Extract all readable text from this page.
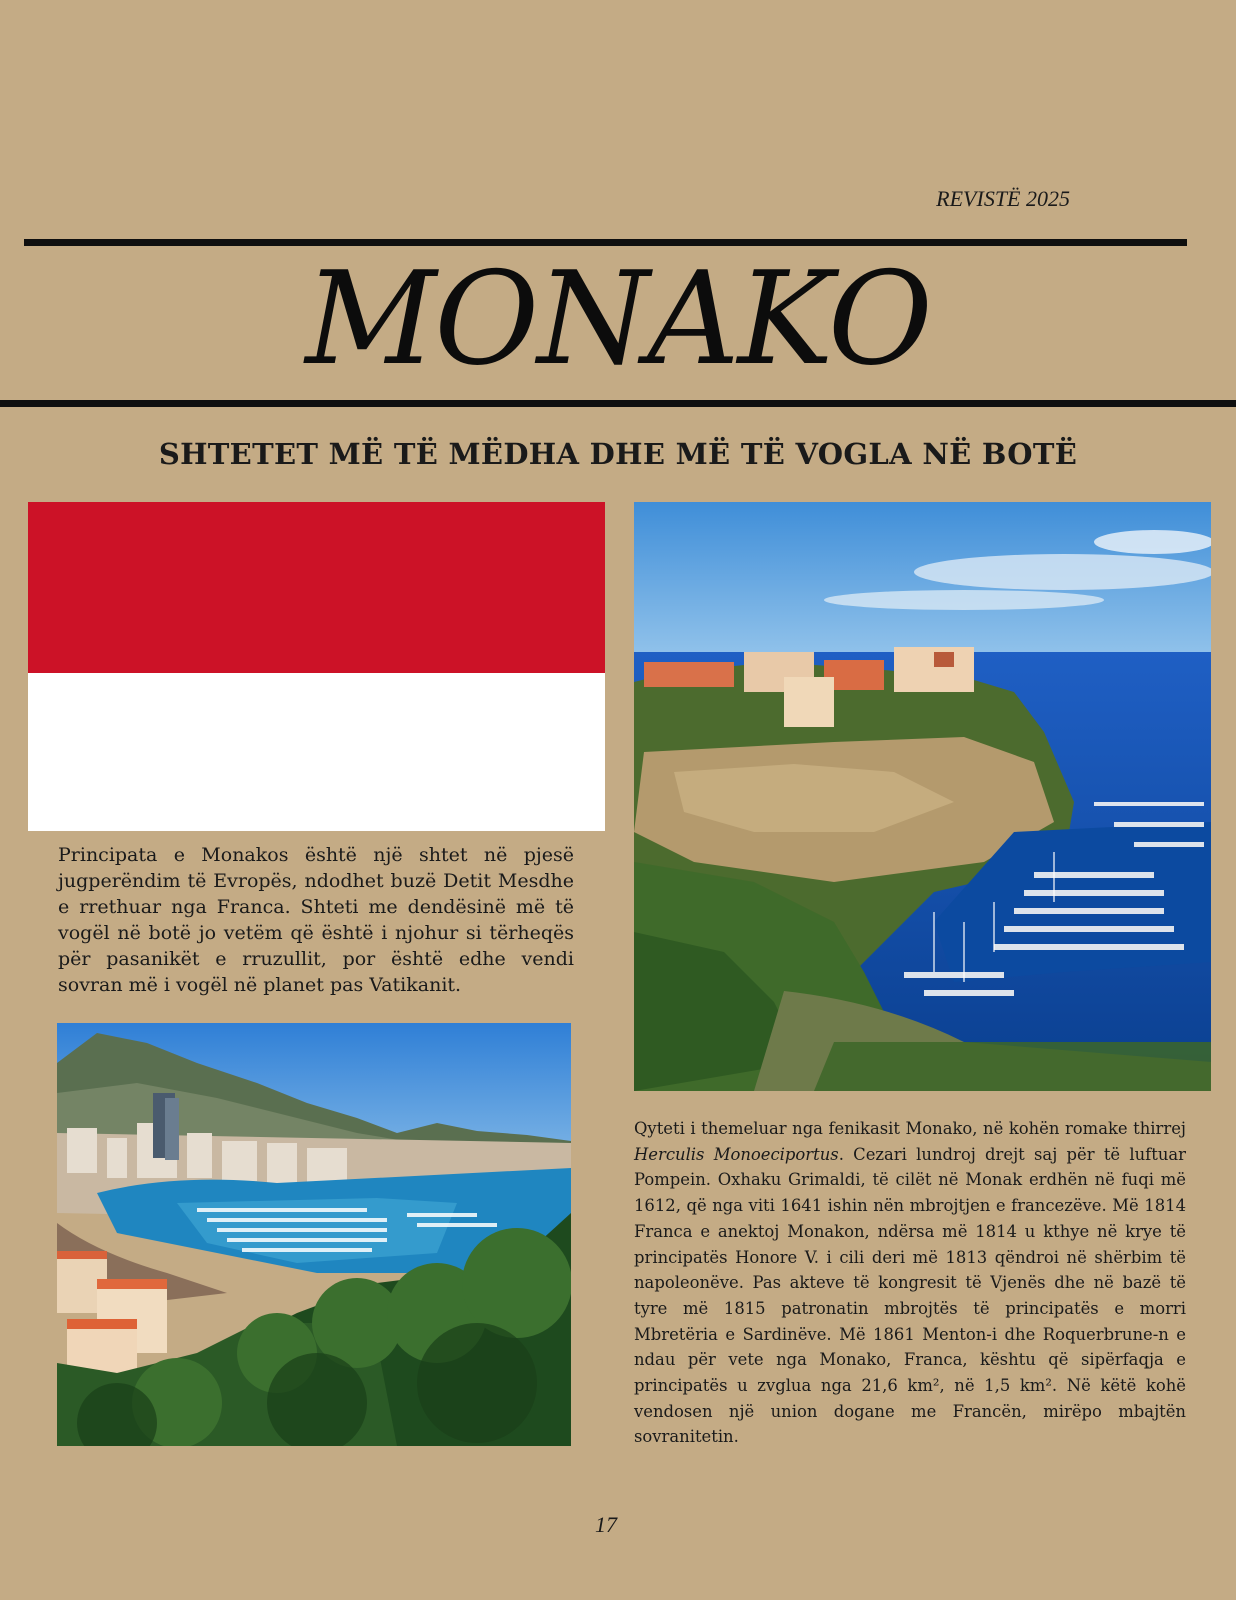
REVISTË 2025
MONAKO
SHTETET MË TË MËDHA DHE MË TË VOGLA NË BOTË

Principata e Monakos është një shtet në pjesë jugperëndim të Evropës, ndodhet buzë Detit Mesdhe e rrethuar nga Franca. Shteti me dendësinë më të vogël në botë jo vetëm që është i njohur si tërheqës për pasanikët e rruzullit, por është edhe vendi sovran më i vogël në planet pas Vatikanit.

Qyteti i themeluar nga fenikasit Monako, në kohën romake thirrej Herculis Monoeciportus. Cezari lundroj drejt saj për të luftuar Pompein. Oxhaku Grimaldi, të cilët në Monak erdhën në fuqi më 1612, që nga viti 1641 ishin nën mbrojtjen e francezëve. Më 1814 Franca e anektoj Monakon, ndërsa më 1814 u kthye në krye të principatës Honore V. i cili deri më 1813 qëndroi në shërbim të napoleonëve. Pas akteve të kongresit të Vjenës dhe në bazë të tyre më 1815 patronatin mbrojtës të principatës e morri Mbretëria e Sardinëve. Më 1861 Menton-i dhe Roquerbrune-n e ndau për vete nga Monako, Franca, kështu që sipërfaqja e principatës u zvglua nga 21,6 km², në 1,5 km². Në këtë kohë vendosen një union dogane me Francën, mirëpo mbajtën sovranitetin.

17
